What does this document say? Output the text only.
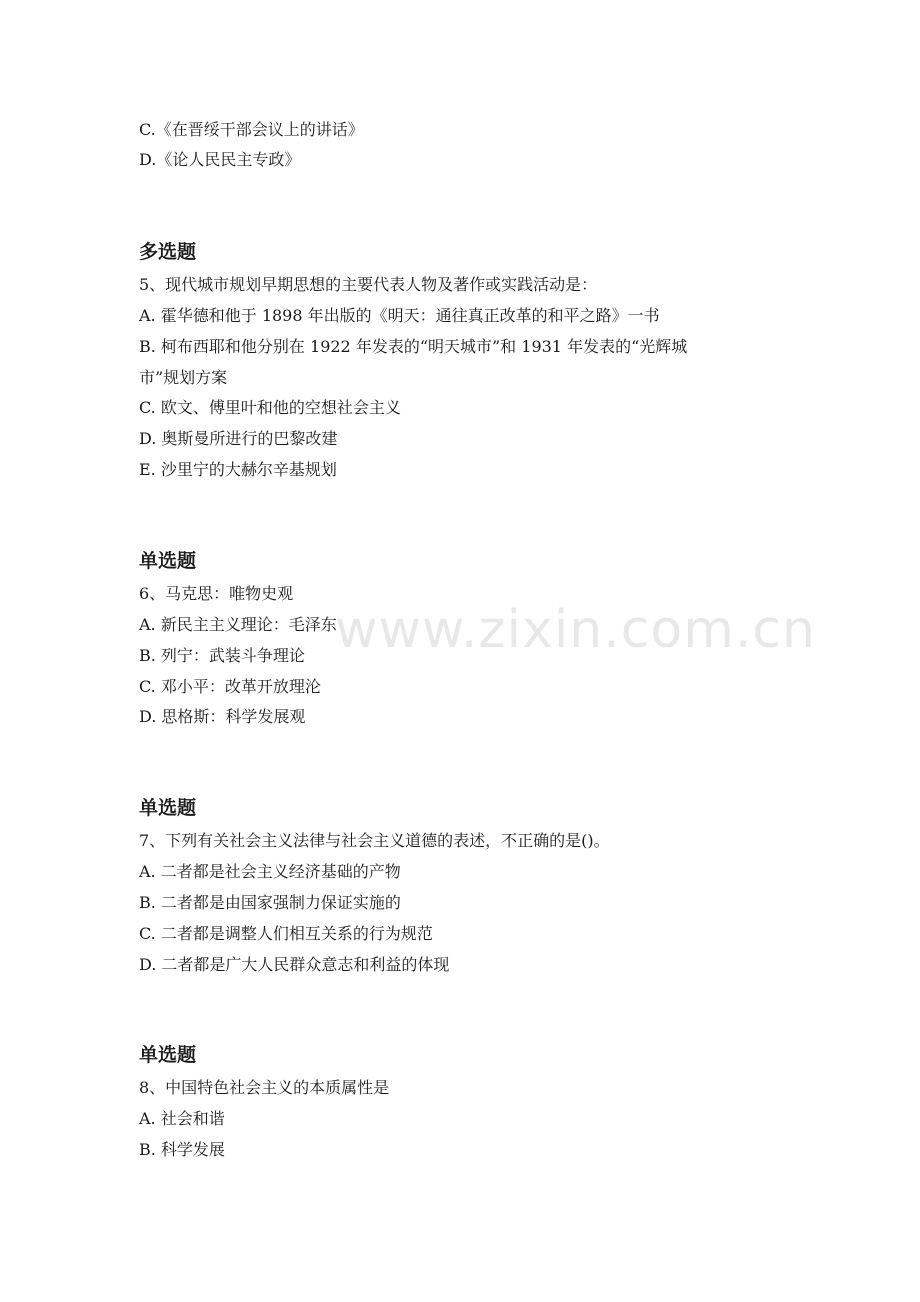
C.《在晋绥干部会议上的讲话》
D.《论人民民主专政》
多选题
5、现代城市规划早期思想的主要代表人物及著作或实践活动是：
A. 霍华德和他于 1898 年出版的《明天：通往真正改革的和平之路》一书
B. 柯布西耶和他分别在 1922 年发表的“明天城市”和 1931 年发表的“光辉城
市”规划方案
C. 欧文、傅里叶和他的空想社会主义
D. 奥斯曼所进行的巴黎改建
E. 沙里宁的大赫尔辛基规划
单选题
6、马克思：唯物史观
A. 新民主主义理论：毛泽东
B. 列宁：武装斗争理论
C. 邓小平：改革开放理沦
D. 思格斯：科学发展观
单选题
7、下列有关社会主义法律与社会主义道德的表述，不正确的是()。
A. 二者都是社会主义经济基础的产物
B. 二者都是由国家强制力保证实施的
C. 二者都是调整人们相互关系的行为规范
D. 二者都是广大人民群众意志和利益的体现
单选题
8、中国特色社会主义的本质属性是
A. 社会和谐
B. 科学发展
www.zixin.com.cn
